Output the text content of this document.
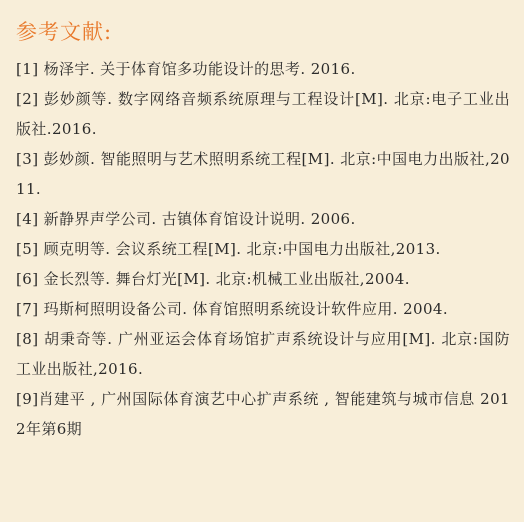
参考文献:
[1] 杨泽宇. 关于体育馆多功能设计的思考. 2016.
[2] 彭妙颜等. 数字网络音频系统原理与工程设计[M]. 北京:电子工业出版社.2016.
[3] 彭妙颜. 智能照明与艺术照明系统工程[M]. 北京:中国电力出版社,2011.
[4] 新静界声学公司. 古镇体育馆设计说明. 2006.
[5] 顾克明等. 会议系统工程[M]. 北京:中国电力出版社,2013.
[6] 金长烈等. 舞台灯光[M]. 北京:机械工业出版社,2004.
[7] 玛斯柯照明设备公司. 体育馆照明系统设计软件应用. 2004.
[8] 胡秉奇等. 广州亚运会体育场馆扩声系统设计与应用[M]. 北京:国防工业出版社,2016.
[9]肖建平 , 广州国际体育演艺中心扩声系统 , 智能建筑与城市信息 2012年第6期
